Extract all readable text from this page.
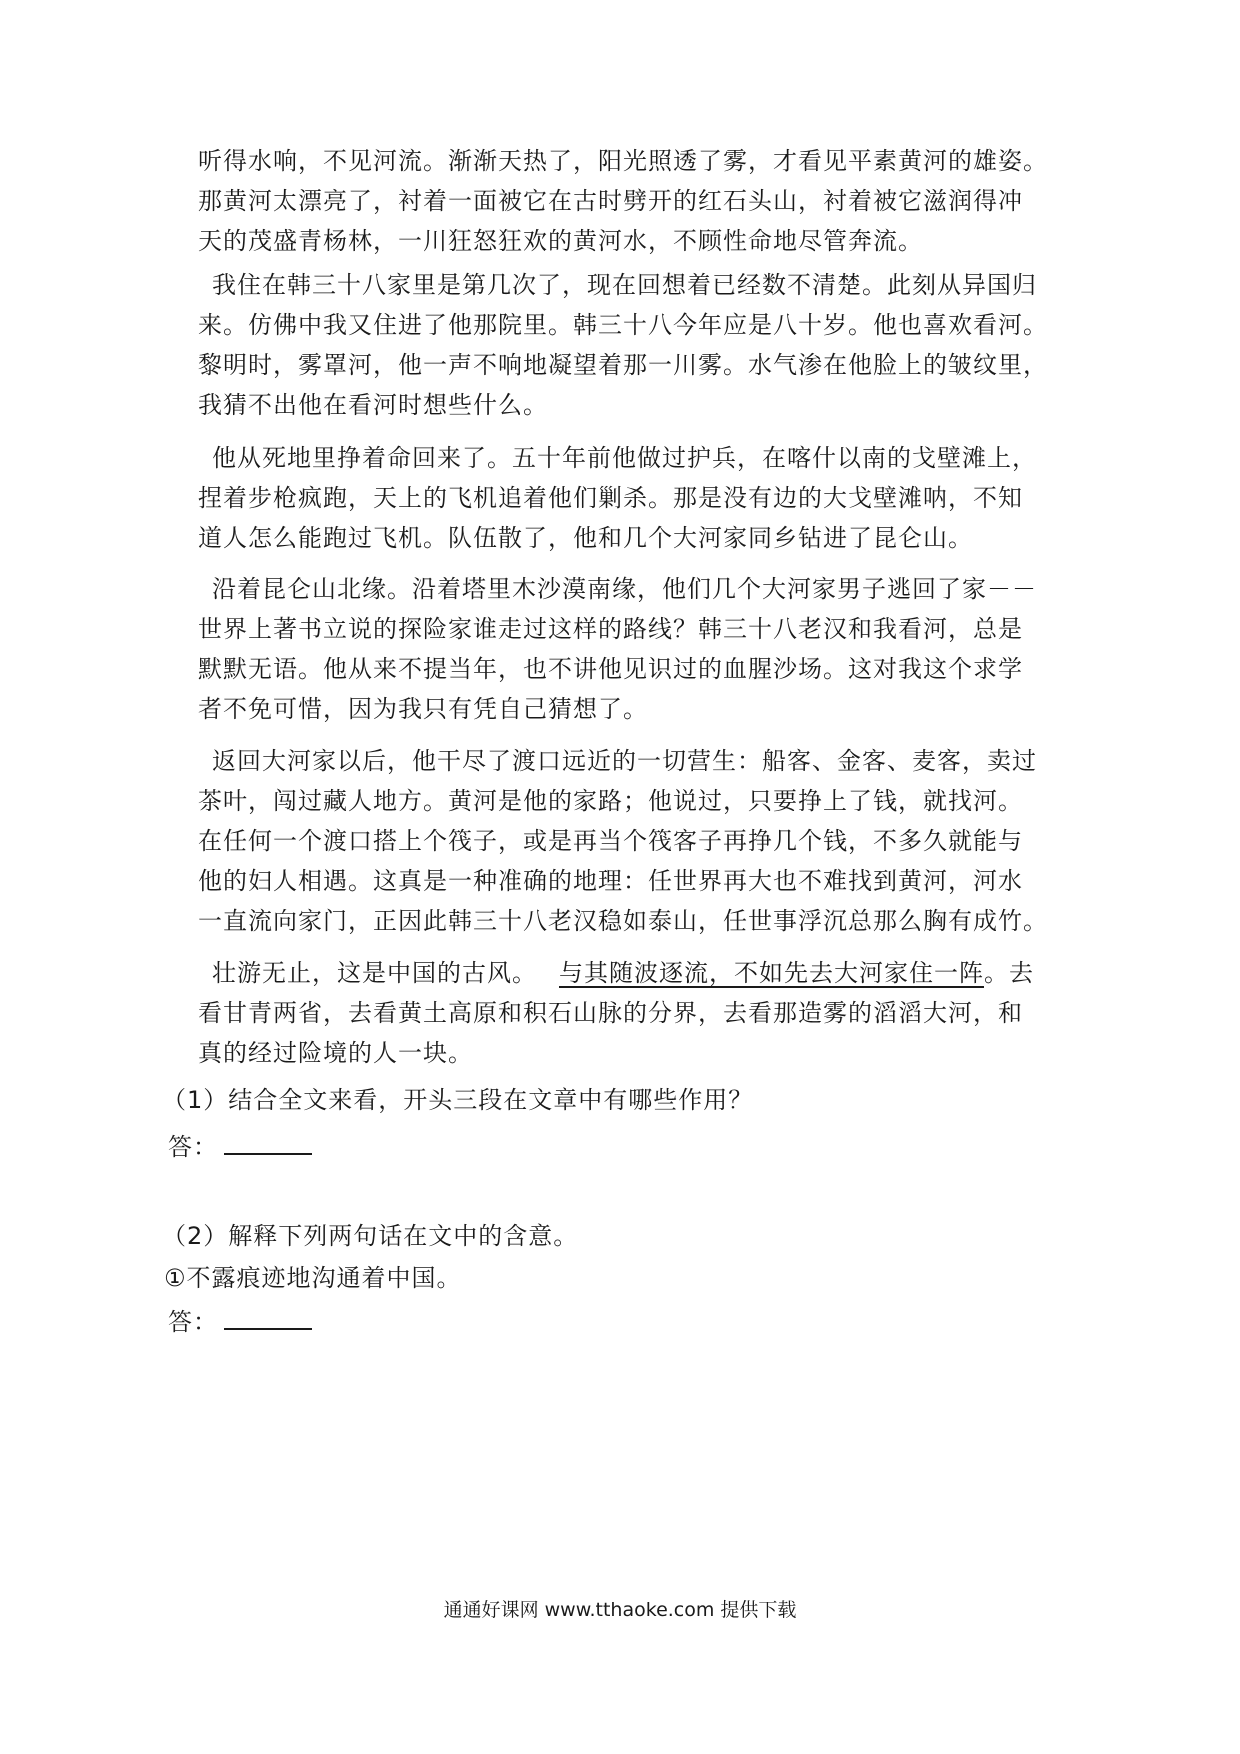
听得水响，不见河流。渐渐天热了，阳光照透了雾，才看见平素黄河的雄姿。
那黄河太漂亮了，衬着一面被它在古时劈开的红石头山，衬着被它滋润得冲
天的茂盛青杨林，一川狂怒狂欢的黄河水，不顾性命地尽管奔流。
我住在韩三十八家里是第几次了，现在回想着已经数不清楚。此刻从异国归
来。仿佛中我又住进了他那院里。韩三十八今年应是八十岁。他也喜欢看河。
黎明时，雾罩河，他一声不响地凝望着那一川雾。水气渗在他脸上的皱纹里，
我猜不出他在看河时想些什么。
他从死地里挣着命回来了。五十年前他做过护兵，在喀什以南的戈壁滩上，
捏着步枪疯跑，天上的飞机追着他们剿杀。那是没有边的大戈壁滩呐，不知
道人怎么能跑过飞机。队伍散了，他和几个大河家同乡钻进了昆仑山。
沿着昆仑山北缘。沿着塔里木沙漠南缘，他们几个大河家男子逃回了家－－
世界上著书立说的探险家谁走过这样的路线？韩三十八老汉和我看河，总是
默默无语。他从来不提当年，也不讲他见识过的血腥沙场。这对我这个求学
者不免可惜，因为我只有凭自己猜想了。
返回大河家以后，他干尽了渡口远近的一切营生：船客、金客、麦客，卖过
茶叶，闯过藏人地方。黄河是他的家路；他说过，只要挣上了钱，就找河。
在任何一个渡口搭上个筏子，或是再当个筏客子再挣几个钱，不多久就能与
他的妇人相遇。这真是一种准确的地理：任世界再大也不难找到黄河，河水
一直流向家门，正因此韩三十八老汉稳如泰山，任世事浮沉总那么胸有成竹。
壮游无止，这是中国的古风。 与其随波逐流，不如先去大河家住一阵。去
看甘青两省，去看黄土高原和积石山脉的分界，去看那造雾的滔滔大河，和
真的经过险境的人一块。
（1）结合全文来看，开头三段在文章中有哪些作用？
答：
（2）解释下列两句话在文中的含意。
①不露痕迹地沟通着中国。
答：
通通好课网 www.tthaoke.com 提供下载
